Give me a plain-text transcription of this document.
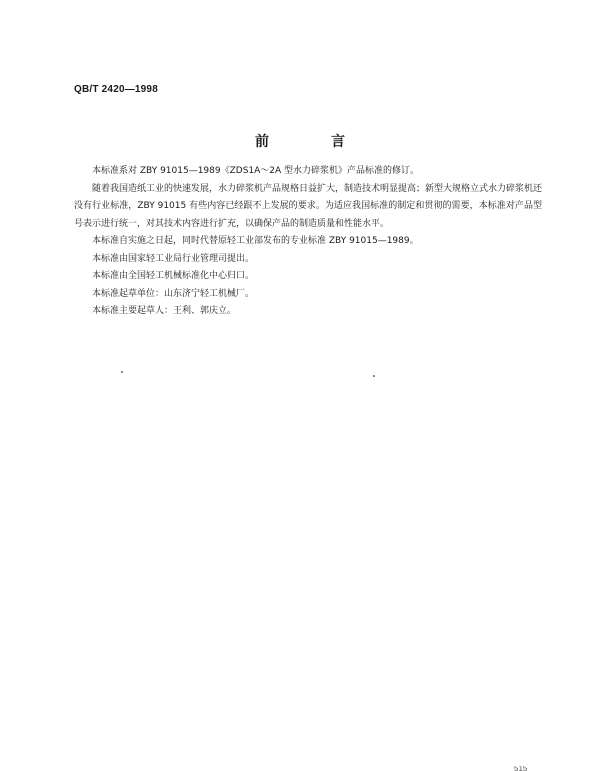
QB/T 2420—1998
前　言

本标准系对 ZBY 91015—1989《ZDS1A～2A 型水力碎浆机》产品标准的修订。

随着我国造纸工业的快速发展，水力碎浆机产品规格日益扩大，制造技术明显提高；新型大规格立式水力碎浆机还没有行业标准，ZBY 91015 有些内容已经跟不上发展的要求。为适应我国标准的制定和贯彻的需要，本标准对产品型号表示进行统一，对其技术内容进行扩充，以确保产品的制造质量和性能水平。

本标准自实施之日起，同时代替原轻工业部发布的专业标准 ZBY 91015—1989。

本标准由国家轻工业局行业管理司提出。

本标准由全国轻工机械标准化中心归口。

本标准起草单位：山东济宁轻工机械厂。

本标准主要起草人：王利、郭庆立。

515
